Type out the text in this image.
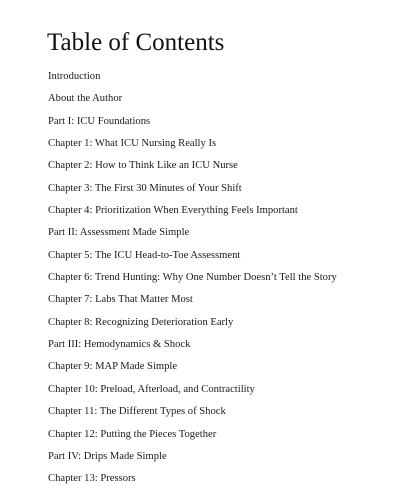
Table of Contents
Introduction
About the Author
Part I: ICU Foundations
Chapter 1: What ICU Nursing Really Is
Chapter 2: How to Think Like an ICU Nurse
Chapter 3: The First 30 Minutes of Your Shift
Chapter 4: Prioritization When Everything Feels Important
Part II: Assessment Made Simple
Chapter 5: The ICU Head-to-Toe Assessment
Chapter 6: Trend Hunting: Why One Number Doesn’t Tell the Story
Chapter 7: Labs That Matter Most
Chapter 8: Recognizing Deterioration Early
Part III: Hemodynamics & Shock
Chapter 9: MAP Made Simple
Chapter 10: Preload, Afterload, and Contractility
Chapter 11: The Different Types of Shock
Chapter 12: Putting the Pieces Together
Part IV: Drips Made Simple
Chapter 13: Pressors
